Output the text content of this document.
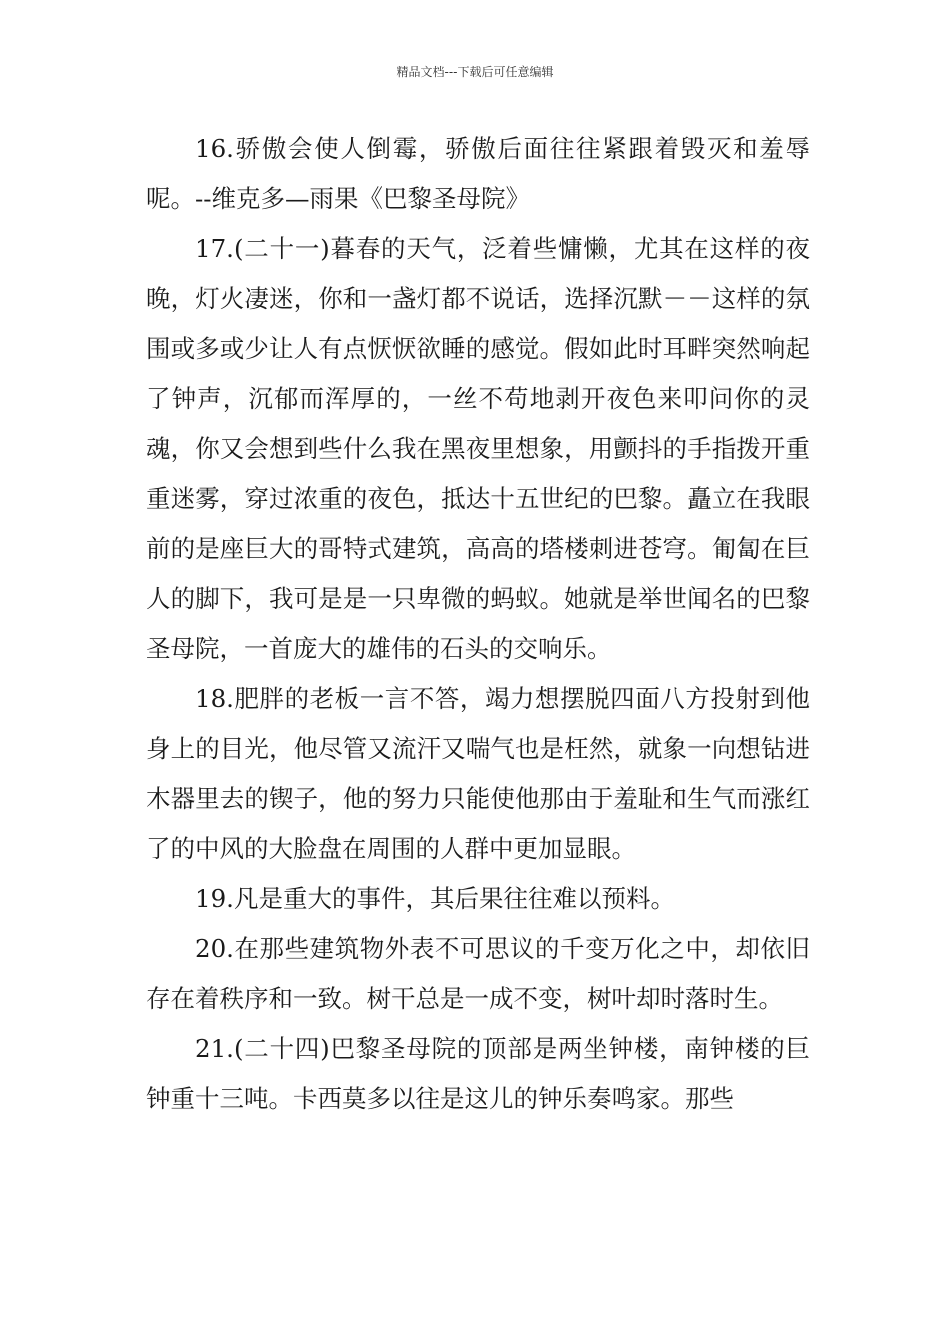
精品文档---下载后可任意编辑

16.骄傲会使人倒霉，骄傲后面往往紧跟着毁灭和羞辱呢。--维克多—雨果《巴黎圣母院》

17.(二十一)暮春的天气，泛着些慵懒，尤其在这样的夜晚，灯火凄迷，你和一盏灯都不说话，选择沉默－－这样的氛围或多或少让人有点恹恹欲睡的感觉。假如此时耳畔突然响起了钟声，沉郁而浑厚的，一丝不苟地剥开夜色来叩问你的灵魂，你又会想到些什么我在黑夜里想象，用颤抖的手指拨开重重迷雾，穿过浓重的夜色，抵达十五世纪的巴黎。矗立在我眼前的是座巨大的哥特式建筑，高高的塔楼刺进苍穹。匍匐在巨人的脚下，我可是是一只卑微的蚂蚁。她就是举世闻名的巴黎圣母院，一首庞大的雄伟的石头的交响乐。

18.肥胖的老板一言不答，竭力想摆脱四面八方投射到他身上的目光，他尽管又流汗又喘气也是枉然，就象一向想钻进木器里去的锲子，他的努力只能使他那由于羞耻和生气而涨红了的中风的大脸盘在周围的人群中更加显眼。

19.凡是重大的事件，其后果往往难以预料。

20.在那些建筑物外表不可思议的千变万化之中，却依旧存在着秩序和一致。树干总是一成不变，树叶却时落时生。

21.(二十四)巴黎圣母院的顶部是两坐钟楼，南钟楼的巨钟重十三吨。卡西莫多以往是这儿的钟乐奏鸣家。那些
